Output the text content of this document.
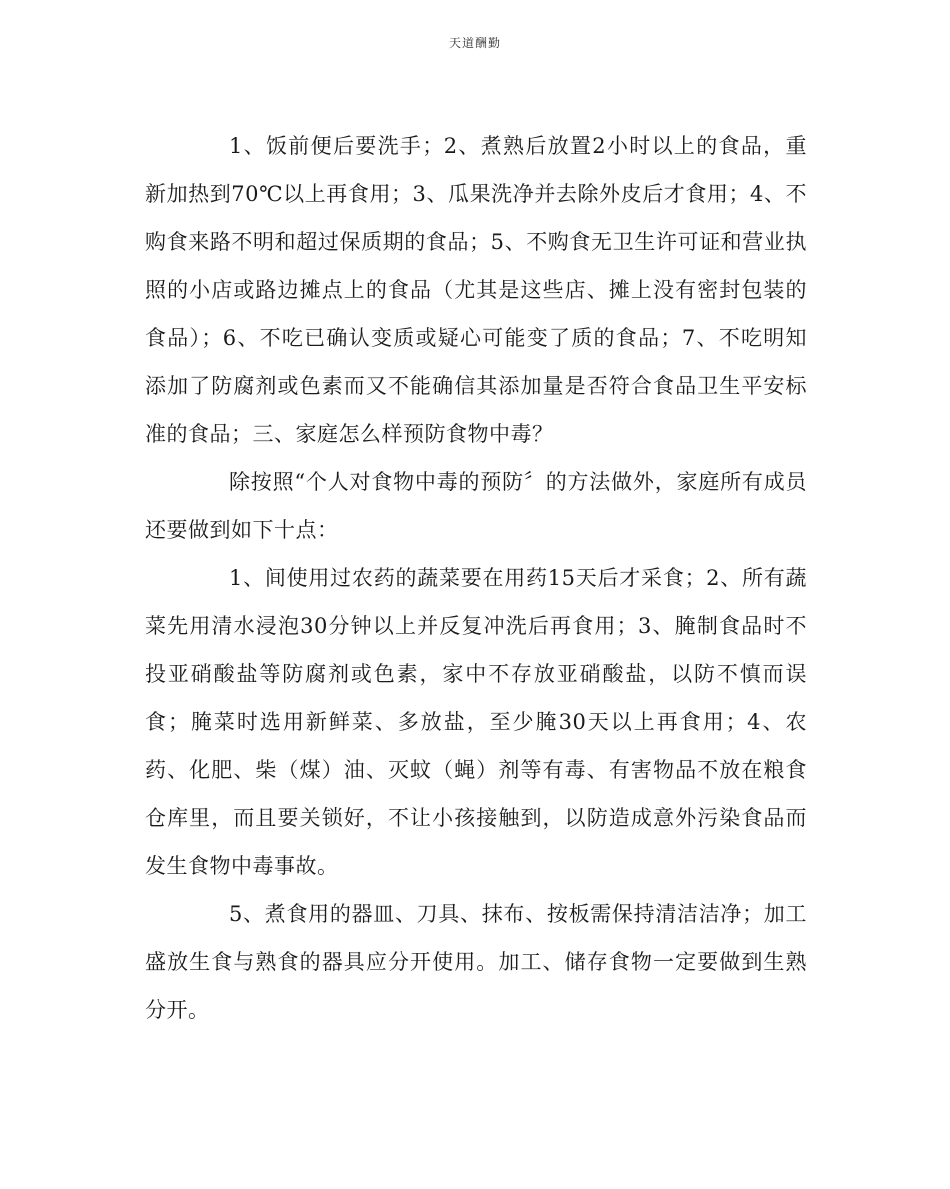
天道酬勤

1、饭前便后要洗手；2、煮熟后放置2小时以上的食品，重新加热到70℃以上再食用；3、瓜果洗净并去除外皮后才食用；4、不购食来路不明和超过保质期的食品；5、不购食无卫生许可证和营业执照的小店或路边摊点上的食品（尤其是这些店、摊上没有密封包装的食品）；6、不吃已确认变质或疑心可能变了质的食品；7、不吃明知添加了防腐剂或色素而又不能确信其添加量是否符合食品卫生平安标准的食品；三、家庭怎么样预防食物中毒？

除按照“个人对食物中毒的预防〞的方法做外，家庭所有成员还要做到如下十点：

1、间使用过农药的蔬菜要在用药15天后才采食；2、所有蔬菜先用清水浸泡30分钟以上并反复冲洗后再食用；3、腌制食品时不投亚硝酸盐等防腐剂或色素，家中不存放亚硝酸盐，以防不慎而误食；腌菜时选用新鲜菜、多放盐，至少腌30天以上再食用；4、农药、化肥、柴（煤）油、灭蚊（蝇）剂等有毒、有害物品不放在粮食仓库里，而且要关锁好，不让小孩接触到，以防造成意外污染食品而发生食物中毒事故。

5、煮食用的器皿、刀具、抹布、按板需保持清洁洁净；加工盛放生食与熟食的器具应分开使用。加工、储存食物一定要做到生熟分开。
